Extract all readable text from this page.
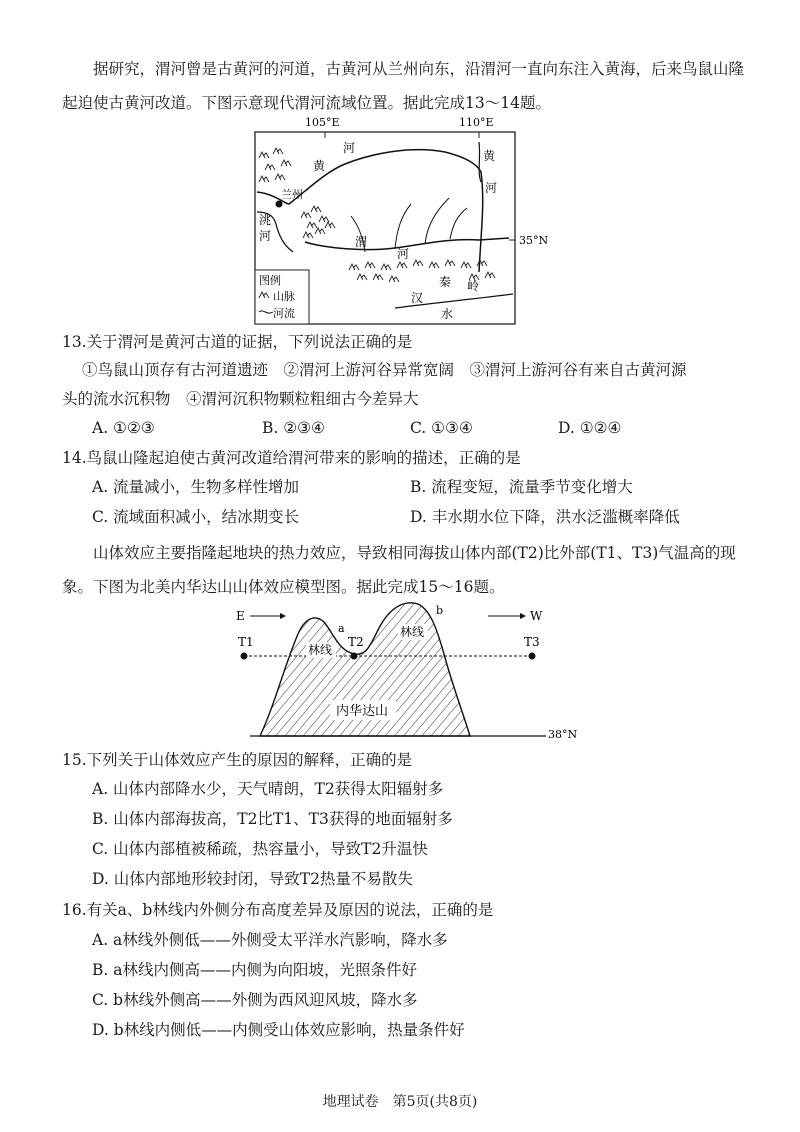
据研究，渭河曾是古黄河的河道，古黄河从兰州向东，沿渭河一直向东注入黄海，后来鸟鼠山隆起迫使古黄河改道。下图示意现代渭河流域位置。据此完成13～14题。

105°E	110°E
35°N
黄
河
黄
河
兰州
洮
河	渭
河
秦 岭
汉
水
图例
山脉
河流
13.关于渭河是黄河古道的证据，下列说法正确的是
①鸟鼠山顶存有古河道遗迹　②渭河上游河谷异常宽阔　③渭河上游河谷有来自古黄河源
头的流水沉积物　④渭河沉积物颗粒粗细古今差异大
A. ①②③	B. ②③④	C. ①③④	D. ①②④
14.鸟鼠山隆起迫使古黄河改道给渭河带来的影响的描述，正确的是
A. 流量减小，生物多样性增加	B. 流程变短，流量季节变化增大
C. 流域面积减小，结冰期变长	D. 丰水期水位下降，洪水泛滥概率降低

山体效应主要指隆起地块的热力效应，导致相同海拔山体内部(T2)比外部(T1、T3)气温高的现象。下图为北美内华达山山体效应模型图。据此完成15～16题。

E	W
38°N
T1	T2	T3
a
b
林线
林线
内华达山
15.下列关于山体效应产生的原因的解释，正确的是
A. 山体内部降水少，天气晴朗，T2获得太阳辐射多
B. 山体内部海拔高，T2比T1、T3获得的地面辐射多
C. 山体内部植被稀疏，热容量小，导致T2升温快
D. 山体内部地形较封闭，导致T2热量不易散失
16.有关a、b林线内外侧分布高度差异及原因的说法，正确的是
A. a林线外侧低——外侧受太平洋水汽影响，降水多
B. a林线内侧高——内侧为向阳坡，光照条件好
C. b林线外侧高——外侧为西风迎风坡，降水多
D. b林线内侧低——内侧受山体效应影响，热量条件好
地理试卷　第5页(共8页)
